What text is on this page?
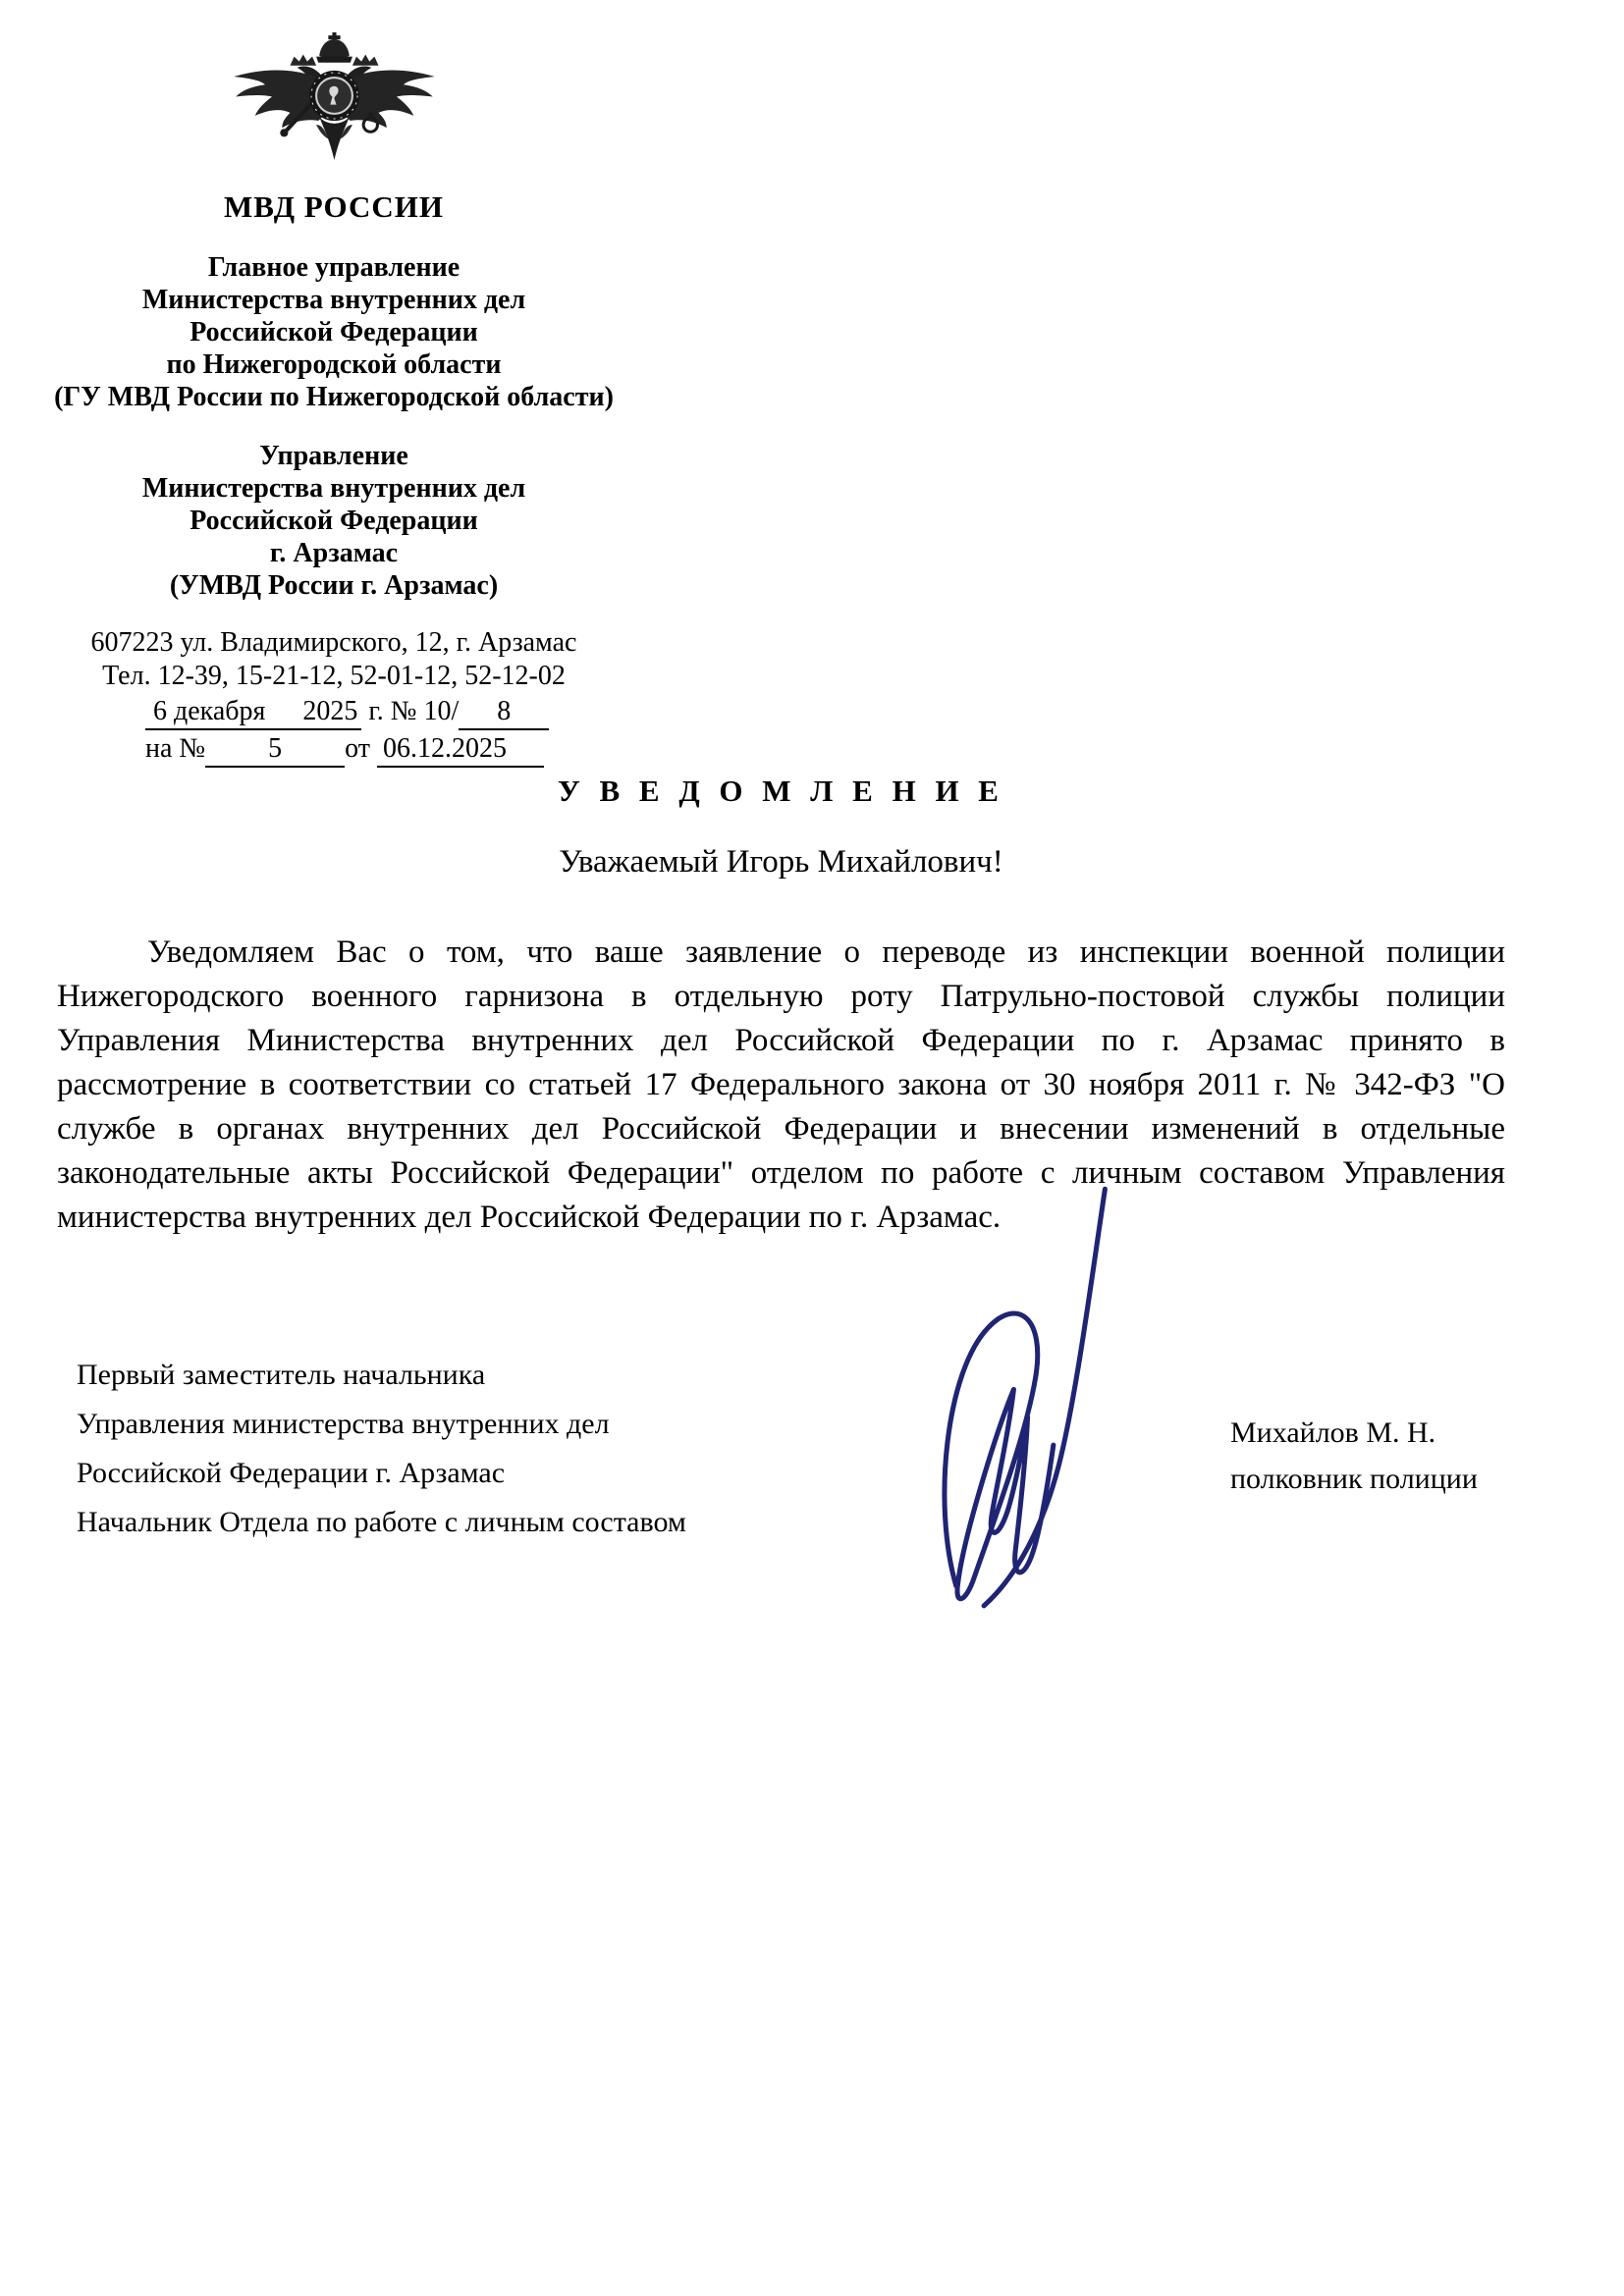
МВД РОССИИ
Главное управление
Министерства внутренних дел
Российской Федерации
по Нижегородской области
(ГУ МВД России по Нижегородской области)
Управление
Министерства внутренних дел
Российской Федерации
г. Арзамас
(УМВД России г. Арзамас)
607223 ул. Владимирского, 12, г. Арзамас
Тел. 12-39, 15-21-12, 52-01-12, 52-12-02
6 декабря 2025 г. № 10/ 8
на № 5 от 06.12.2025
У В Е Д О М Л Е Н И Е
Уважаемый Игорь Михайлович!

Уведомляем Вас о том, что ваше заявление о переводе из инспекции военной полиции Нижегородского военного гарнизона в отдельную роту Патрульно-постовой службы полиции Управления Министерства внутренних дел Российской Федерации по г. Арзамас принято в рассмотрение в соответствии со статьей 17 Федерального закона от 30 ноября 2011 г. № 342-ФЗ "О службе в органах внутренних дел Российской Федерации и внесении изменений в отдельные законодательные акты Российской Федерации" отделом по работе с личным составом Управления министерства внутренних дел Российской Федерации по г. Арзамас.

Первый заместитель начальника
Управления министерства внутренних дел
Российской Федерации г. Арзамас
Начальник Отдела по работе с личным составом
Михайлов М. Н.
полковник полиции
